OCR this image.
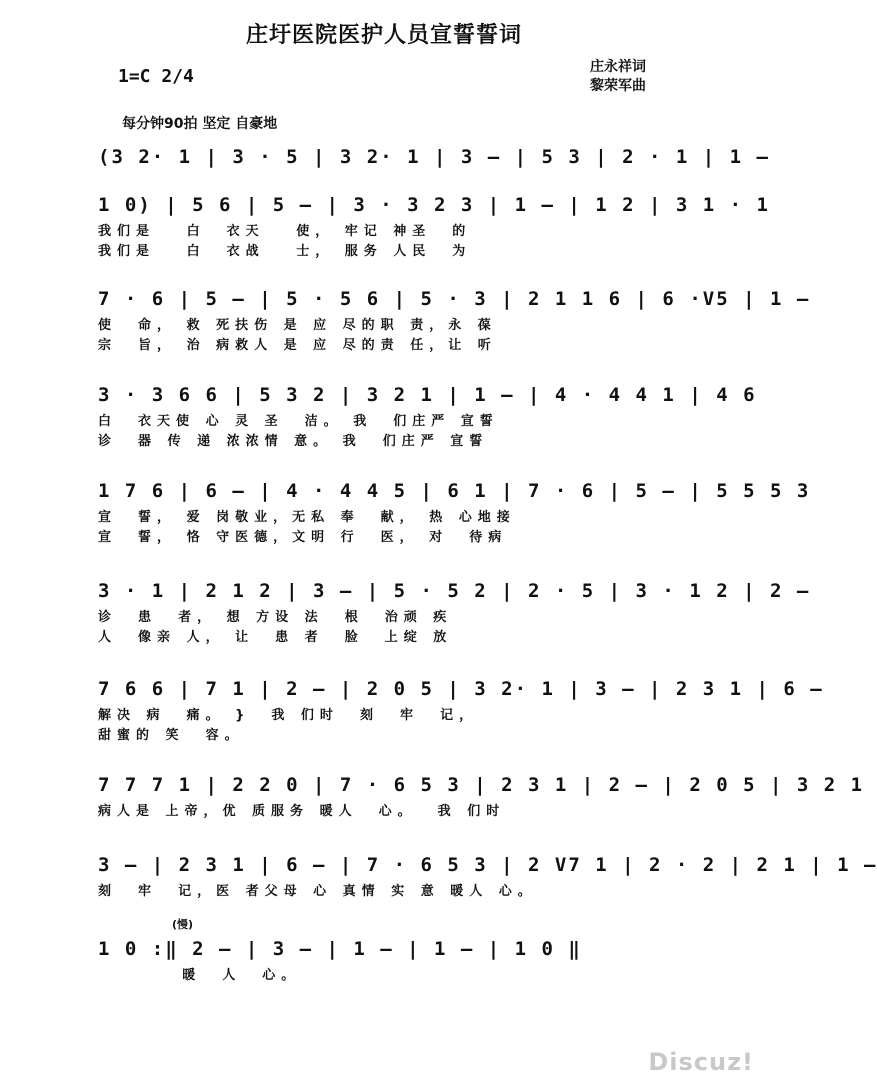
庄圩医院医护人员宣誓誓词
1=C 2/4	庄永祥词
黎荣军曲
每分钟90拍 坚定 自豪地
(3 2· 1 | 3 · 5 | 3 2· 1 | 3 – | 5 3 | 2 · 1 | 1 –
1 0) | 5 6 | 5 – | 3 · 3 2 3 | 1 – | 1 2 | 3 1 · 1
我们是   白  衣天   使， 牢记 神圣  的
我们是   白  衣战   士， 服务 人民  为
7 · 6 | 5 – | 5 · 5 6 | 5 · 3 | 2 1 1 6 | 6 ·V5 | 1 –
使  命， 救 死扶伤 是 应 尽的职 责，永 葆
宗  旨， 治 病救人 是 应 尽的责 任，让 听
3 · 3 6 6 | 5 3 2 | 3 2 1 | 1 – | 4 · 4 4 1 | 4 6
白  衣天使 心 灵 圣  洁。 我  们庄严 宣誓
诊  器 传 递 浓浓情 意。 我  们庄严 宣誓
1 7 6 | 6 – | 4 · 4 4 5 | 6 1 | 7 · 6 | 5 – | 5 5 5 3
宣  誓， 爱 岗敬业，无私 奉  献， 热 心地接
宣  誓， 恪 守医德，文明 行  医， 对  待病
3 · 1 | 2 1 2 | 3 – | 5 · 5 2 | 2 · 5 | 3 · 1 2 | 2 –
诊  患  者， 想 方设 法  根  治顽 疾
人  像亲 人， 让  患 者  脸  上绽 放
7 6 6 | 7 1 | 2 – | 2 0 5 | 3 2· 1 | 3 – | 2 3 1 | 6 –
解决 病  痛。 }  我 们时  刻  牢  记，
甜蜜的 笑  容。
7 7 7 1 | 2 2 0 | 7 · 6 5 3 | 2 3 1 | 2 – | 2 0 5 | 3 2 1
病人是 上帝，优 质服务 暖人  心。  我 们时
3 – | 2 3 1 | 6 – | 7 · 6 5 3 | 2 V7 1 | 2 · 2 | 2 1 | 1 –
刻  牢  记，医 者父母 心 真情 实 意 暖人 心。
(慢)
1 0 :‖ 2 – | 3 – | 1 – | 1 – | 1 0 ‖
暖  人  心。
Discuz!
